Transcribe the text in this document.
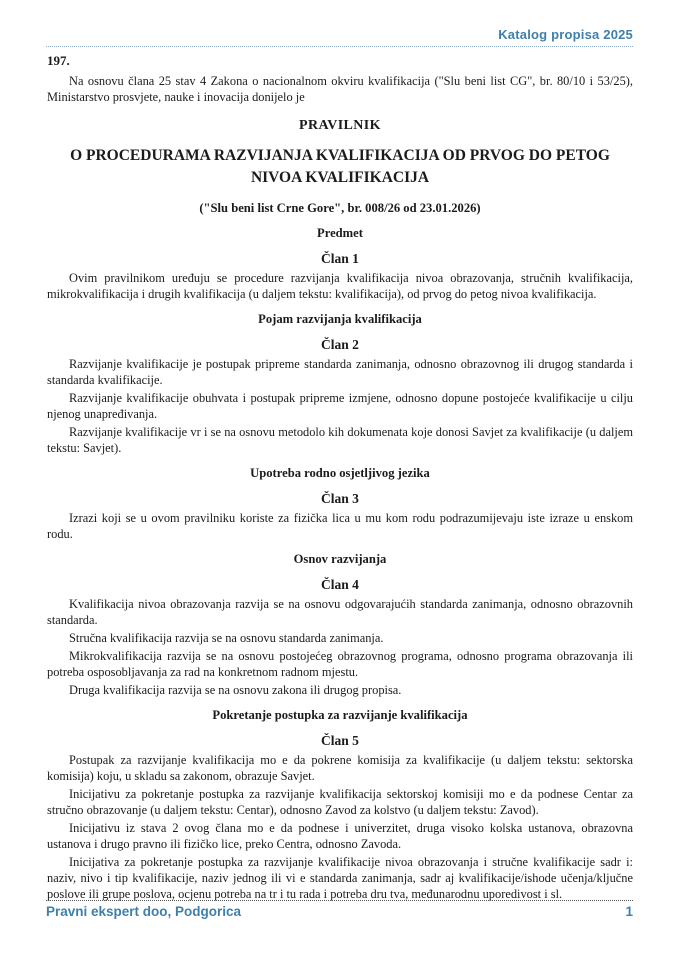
Katalog propisa 2025
197.

Na osnovu člana 25 stav 4 Zakona o nacionalnom okviru kvalifikacija ("Slu beni list CG", br. 80/10 i 53/25), Ministarstvo prosvjete, nauke i inovacija donijelo je

PRAVILNIK
O PROCEDURAMA RAZVIJANJA KVALIFIKACIJA OD PRVOG DO PETOG
NIVOA KVALIFIKACIJA
("Slu beni list Crne Gore", br. 008/26 od 23.01.2026)
Predmet
Član 1

Ovim pravilnikom uređuju se procedure razvijanja kvalifikacija nivoa obrazovanja, stručnih kvalifikacija, mikrokvalifikacija i drugih kvalifikacija (u daljem tekstu: kvalifikacija), od prvog do petog nivoa kvalifikacija.

Pojam razvijanja kvalifikacija
Član 2

Razvijanje kvalifikacije je postupak pripreme standarda zanimanja, odnosno obrazovnog ili drugog standarda i standarda kvalifikacije.

Razvijanje kvalifikacije obuhvata i postupak pripreme izmjene, odnosno dopune postojeće kvalifikacije u cilju njenog unapređivanja.

Razvijanje kvalifikacije vr i se na osnovu metodolo kih dokumenata koje donosi Savjet za kvalifikacije (u daljem tekstu: Savjet).

Upotreba rodno osjetljivog jezika
Član 3

Izrazi koji se u ovom pravilniku koriste za fizička lica u mu kom rodu podrazumijevaju iste izraze u enskom rodu.

Osnov razvijanja
Član 4

Kvalifikacija nivoa obrazovanja razvija se na osnovu odgovarajućih standarda zanimanja, odnosno obrazovnih standarda.

Stručna kvalifikacija razvija se na osnovu standarda zanimanja.

Mikrokvalifikacija razvija se na osnovu postojećeg obrazovnog programa, odnosno programa obrazovanja ili potreba osposobljavanja za rad na konkretnom radnom mjestu.

Druga kvalifikacija razvija se na osnovu zakona ili drugog propisa.

Pokretanje postupka za razvijanje kvalifikacija
Član 5

Postupak za razvijanje kvalifikacija mo e da pokrene komisija za kvalifikacije (u daljem tekstu: sektorska komisija) koju, u skladu sa zakonom, obrazuje Savjet.

Inicijativu za pokretanje postupka za razvijanje kvalifikacija sektorskoj komisiji mo e da podnese Centar za stručno obrazovanje (u daljem tekstu: Centar), odnosno Zavod za kolstvo (u daljem tekstu: Zavod).

Inicijativu iz stava 2 ovog člana mo e da podnese i univerzitet, druga visoko kolska ustanova, obrazovna ustanova i drugo pravno ili fizičko lice, preko Centra, odnosno Zavoda.

Inicijativa za pokretanje postupka za razvijanje kvalifikacije nivoa obrazovanja i stručne kvalifikacije sadr i: naziv, nivo i tip kvalifikacije, naziv jednog ili vi e standarda zanimanja, sadr aj kvalifikacije/ishode učenja/ključne poslove ili grupe poslova, ocjenu potreba na tr i tu rada i potreba dru tva, međunarodnu uporedivost i sl.

Pravni ekspert doo, Podgorica	1
